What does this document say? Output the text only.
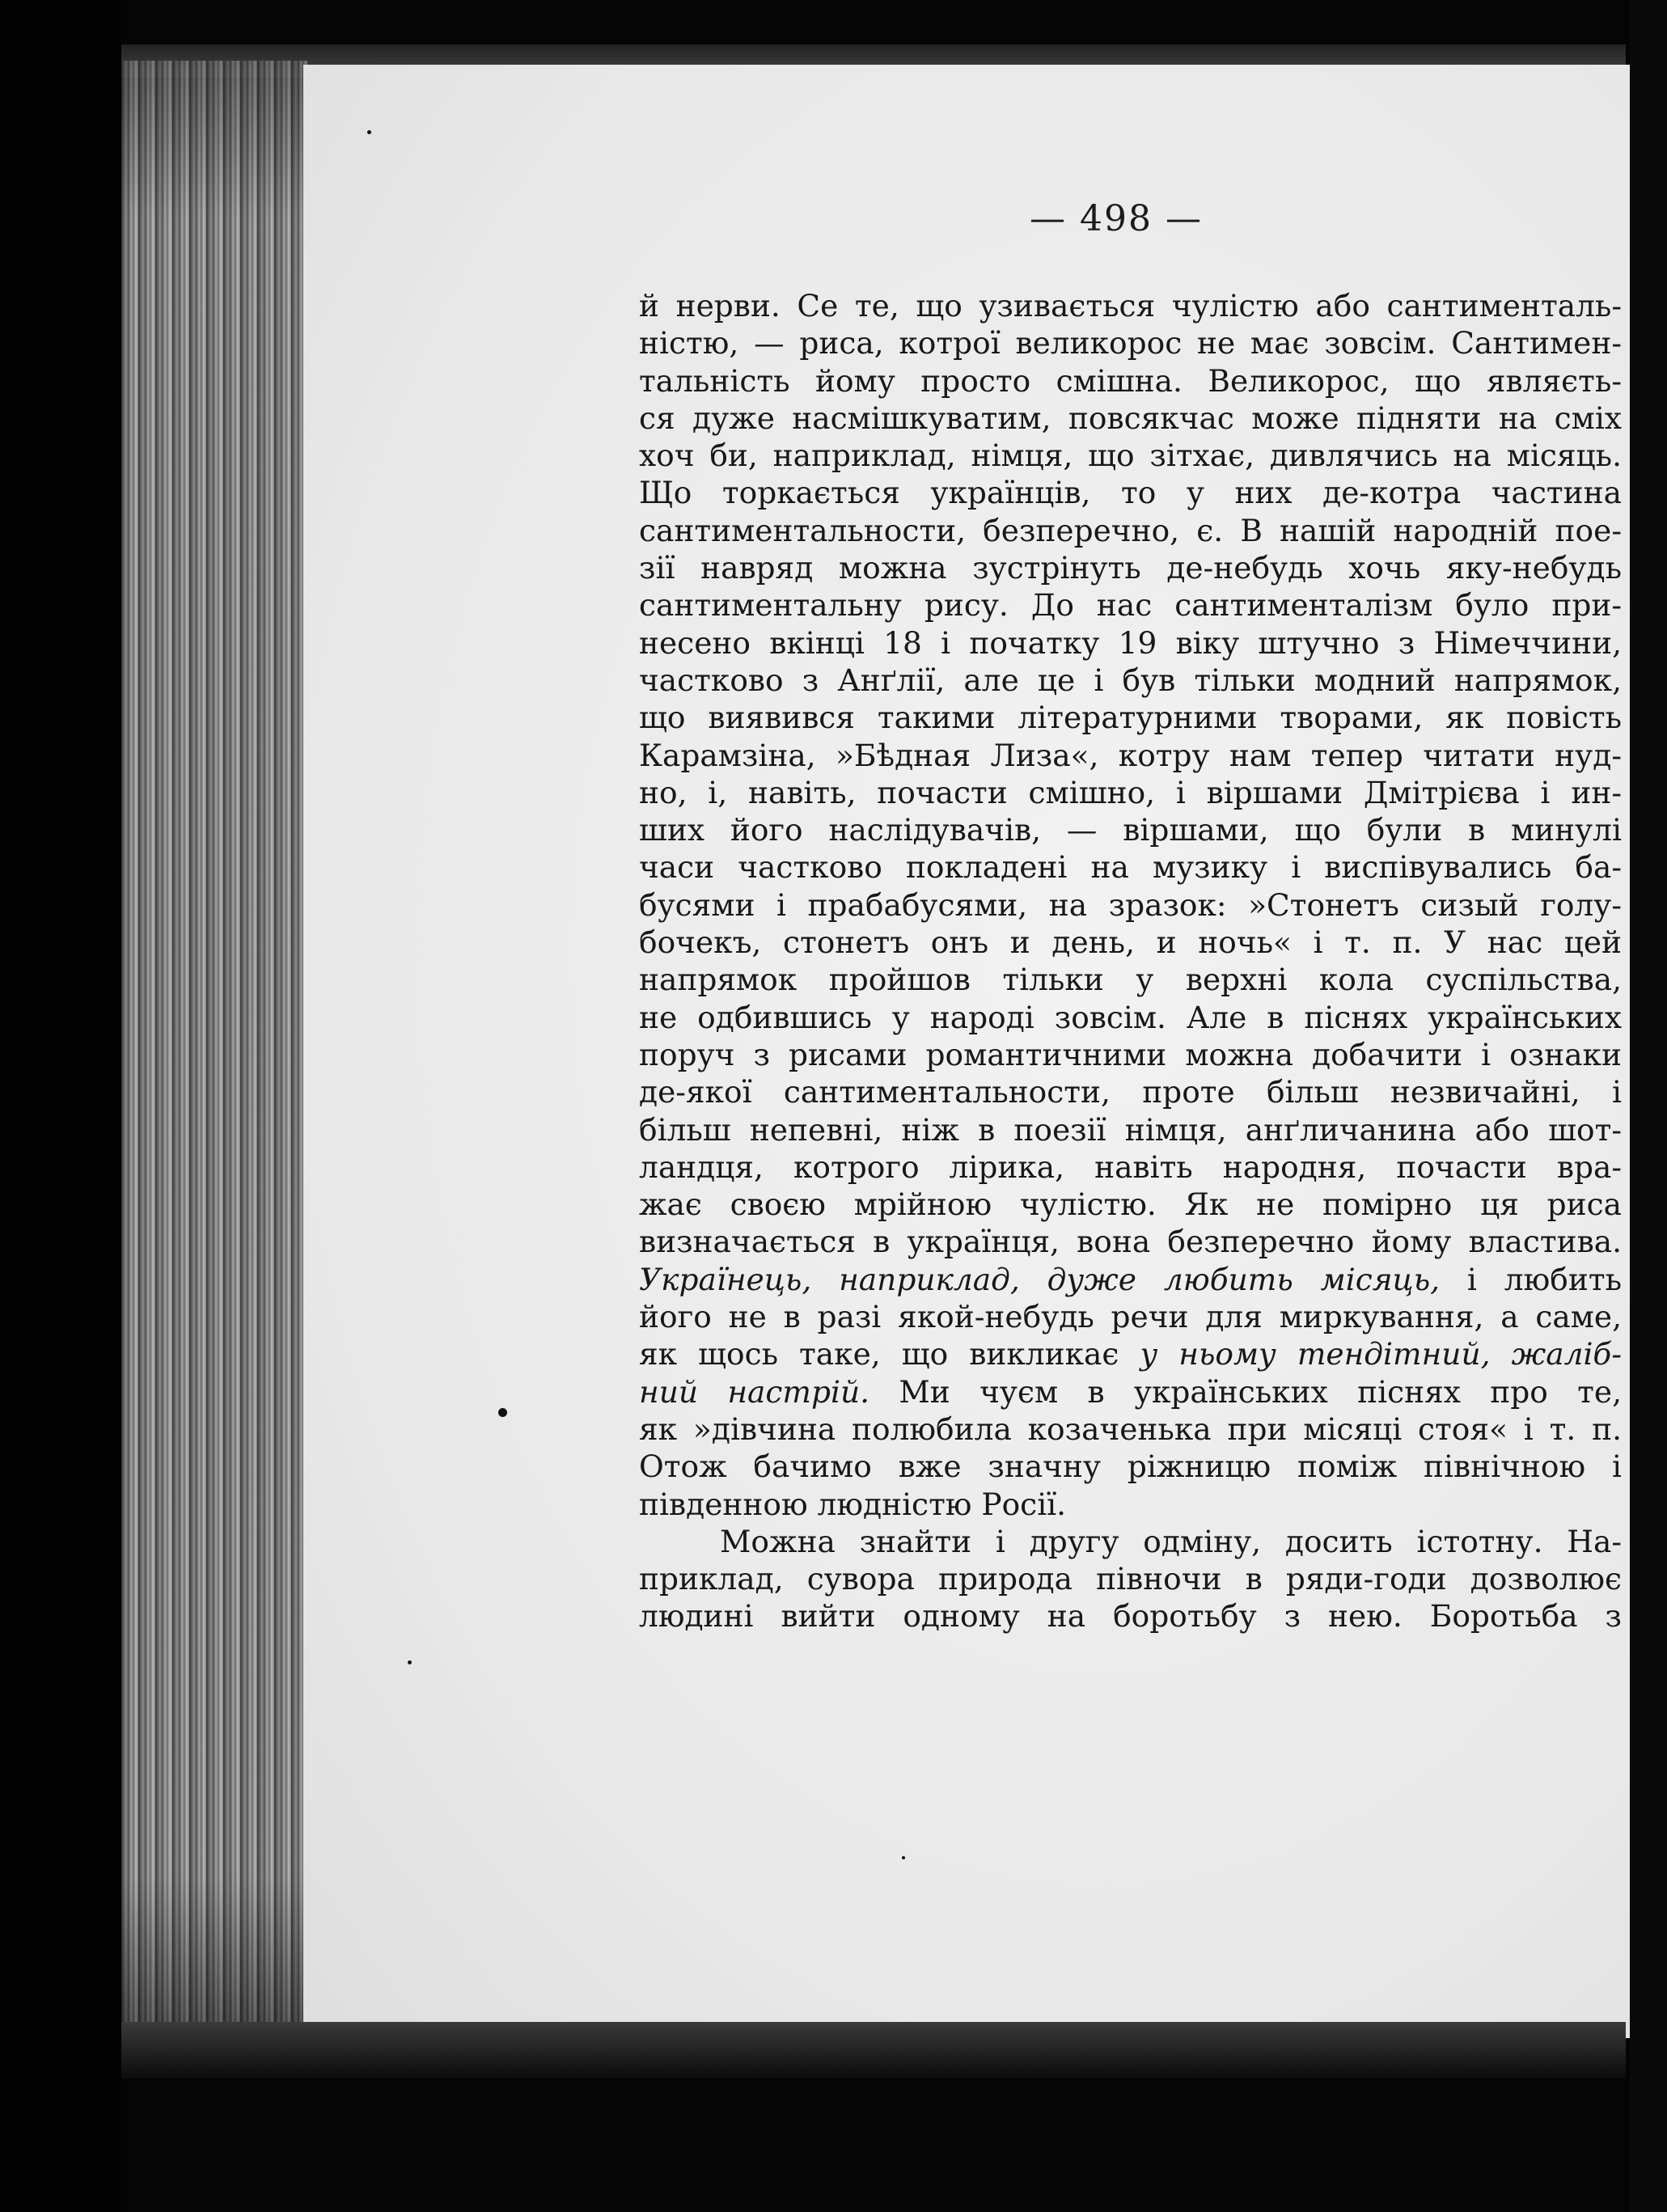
— 498 —
й нерви. Се те, що узивається чулістю або сантименталь-
ністю, — риса, котрої великорос не має зовсім. Сантимен-
тальність йому просто смішна. Великорос, що являєть-
ся дуже насмішкуватим, повсякчас може підняти на сміх
хоч би, наприклад, німця, що зітхає, дивлячись на місяць.
Що торкається українців, то у них де-котра частина
сантиментальности, безперечно, є. В нашій народній пое-
зії навряд можна зустрінуть де-небудь хочь яку-небудь
сантиментальну рису. До нас сантименталізм було при-
несено вкінці 18 і початку 19 віку штучно з Німеччини,
частково з Анґлії, але це і був тільки модний напрямок,
що виявився такими літературними творами, як повість
Карамзіна, »Бѣдная Лиза«, котру нам тепер читати нуд-
но, і, навіть, почасти смішно, і віршами Дмітрієва і ин-
ших його наслідувачів, — віршами, що були в минулі
часи частково покладені на музику і виспівувались ба-
бусями і прабабусями, на зразок: »Стонетъ сизый голу-
бочекъ, стонетъ онъ и день, и ночь« і т. п. У нас цей
напрямок пройшов тільки у верхні кола суспільства,
не одбившись у народі зовсім. Але в піснях українських
поруч з рисами романтичними можна добачити і ознаки
де-якої сантиментальности, проте більш незвичайні, і
більш непевні, ніж в поезії німця, анґличанина або шот-
ландця, котрого лірика, навіть народня, почасти вра-
жає своєю мрійною чулістю. Як не помірно ця риса
визначається в українця, вона безперечно йому властива.
Українець, наприклад, дуже любить місяць, і любить
його не в разі якой-небудь речи для миркування, а саме,
як щось таке, що викликає у ньому тендітний, жаліб-
ний настрій. Ми чуєм в українських піснях про те,
як »дівчина полюбила козаченька при місяці стоя« і т. п.
Отож бачимо вже значну ріжницю поміж північною і
південною людністю Росії.
Можна знайти і другу одміну, досить істотну. На-
приклад, сувора природа півночи в ряди-годи дозволює
людині вийти одному на боротьбу з нею. Боротьба з
